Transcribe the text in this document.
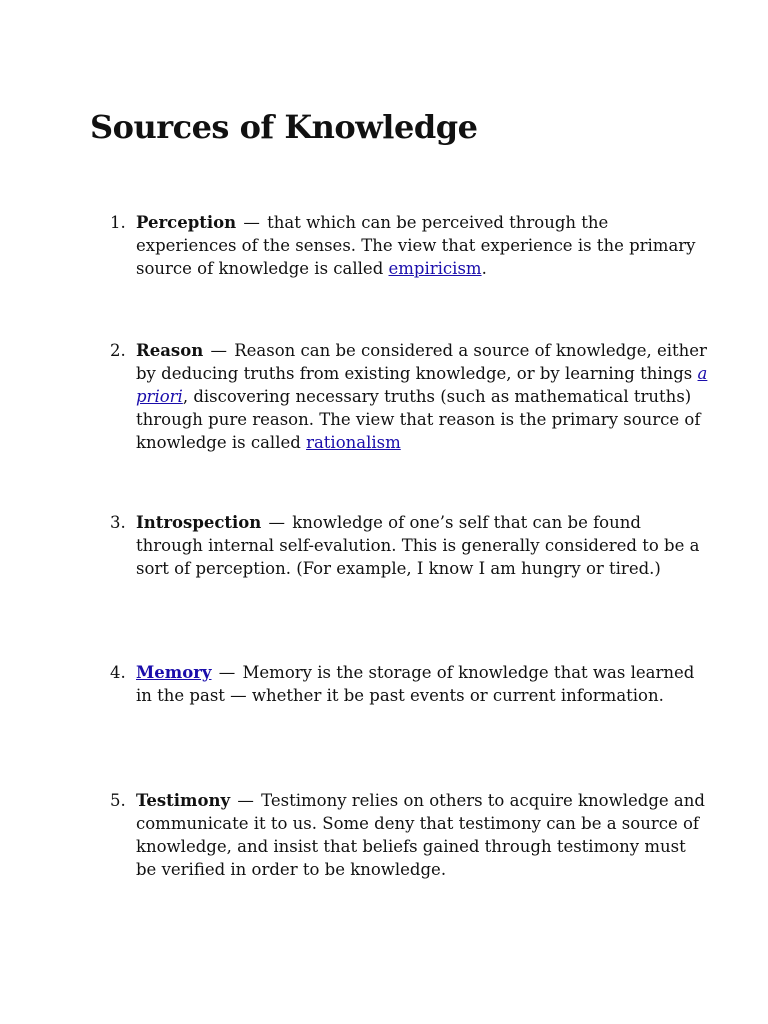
Sources of Knowledge
1. Perception — that which can be perceived through the experiences of the senses. The view that experience is the primary source of knowledge is called empiricism.
2. Reason — Reason can be considered a source of knowledge, either by deducing truths from existing knowledge, or by learning things a priori, discovering necessary truths (such as mathematical truths) through pure reason. The view that reason is the primary source of knowledge is called rationalism
3. Introspection — knowledge of one’s self that can be found through internal self-evalution. This is generally considered to be a sort of perception. (For example, I know I am hungry or tired.)
4. Memory — Memory is the storage of knowledge that was learned in the past — whether it be past events or current information.
5. Testimony — Testimony relies on others to acquire knowledge and communicate it to us. Some deny that testimony can be a source of knowledge, and insist that beliefs gained through testimony must be verified in order to be knowledge.
